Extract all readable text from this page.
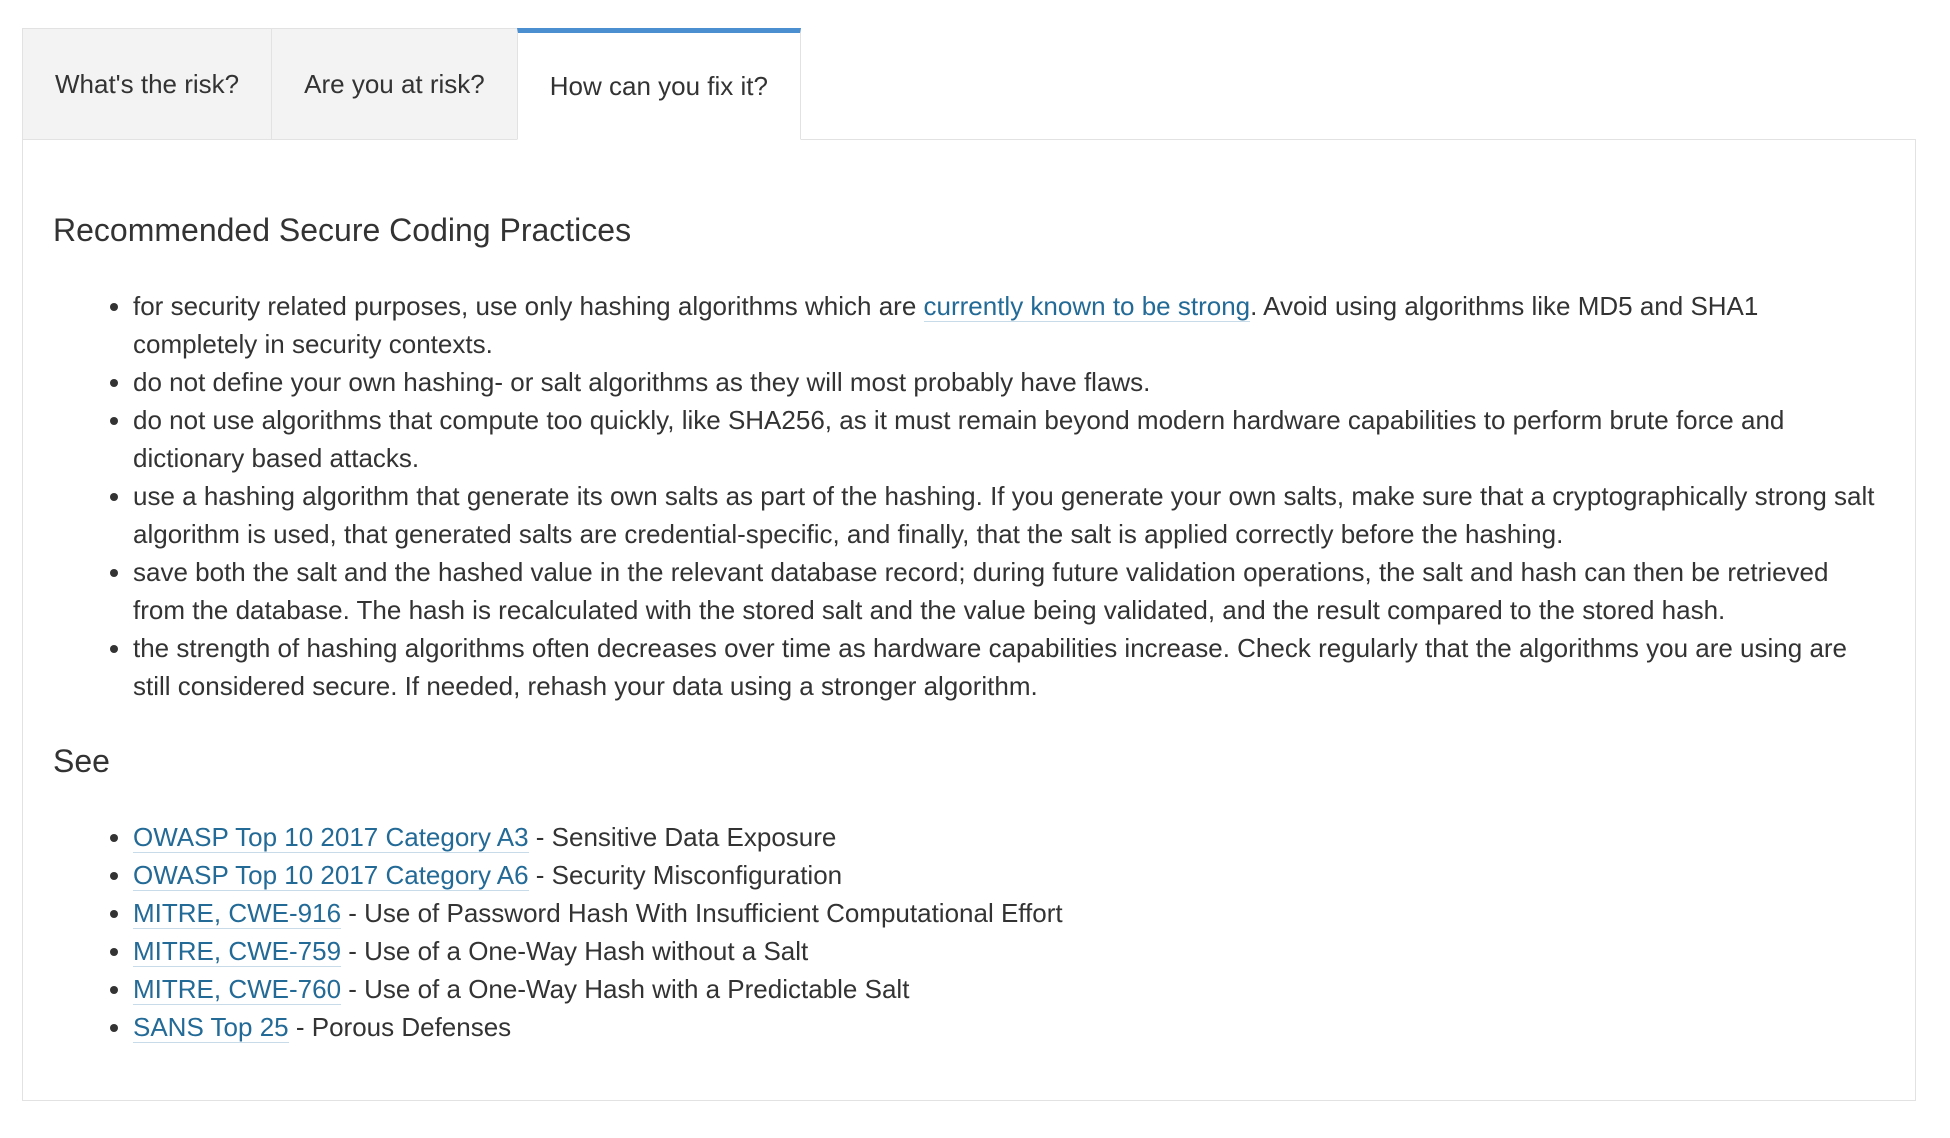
What's the risk?	Are you at risk?	How can you fix it?
Recommended Secure Coding Practices
• for security related purposes, use only hashing algorithms which are currently known to be strong. Avoid using algorithms like MD5 and SHA1 completely in security contexts.
• do not define your own hashing- or salt algorithms as they will most probably have flaws.
• do not use algorithms that compute too quickly, like SHA256, as it must remain beyond modern hardware capabilities to perform brute force and dictionary based attacks.
• use a hashing algorithm that generate its own salts as part of the hashing. If you generate your own salts, make sure that a cryptographically strong salt algorithm is used, that generated salts are credential-specific, and finally, that the salt is applied correctly before the hashing.
• save both the salt and the hashed value in the relevant database record; during future validation operations, the salt and hash can then be retrieved from the database. The hash is recalculated with the stored salt and the value being validated, and the result compared to the stored hash.
• the strength of hashing algorithms often decreases over time as hardware capabilities increase. Check regularly that the algorithms you are using are still considered secure. If needed, rehash your data using a stronger algorithm.
See
• OWASP Top 10 2017 Category A3 - Sensitive Data Exposure
• OWASP Top 10 2017 Category A6 - Security Misconfiguration
• MITRE, CWE-916 - Use of Password Hash With Insufficient Computational Effort
• MITRE, CWE-759 - Use of a One-Way Hash without a Salt
• MITRE, CWE-760 - Use of a One-Way Hash with a Predictable Salt
• SANS Top 25 - Porous Defenses
